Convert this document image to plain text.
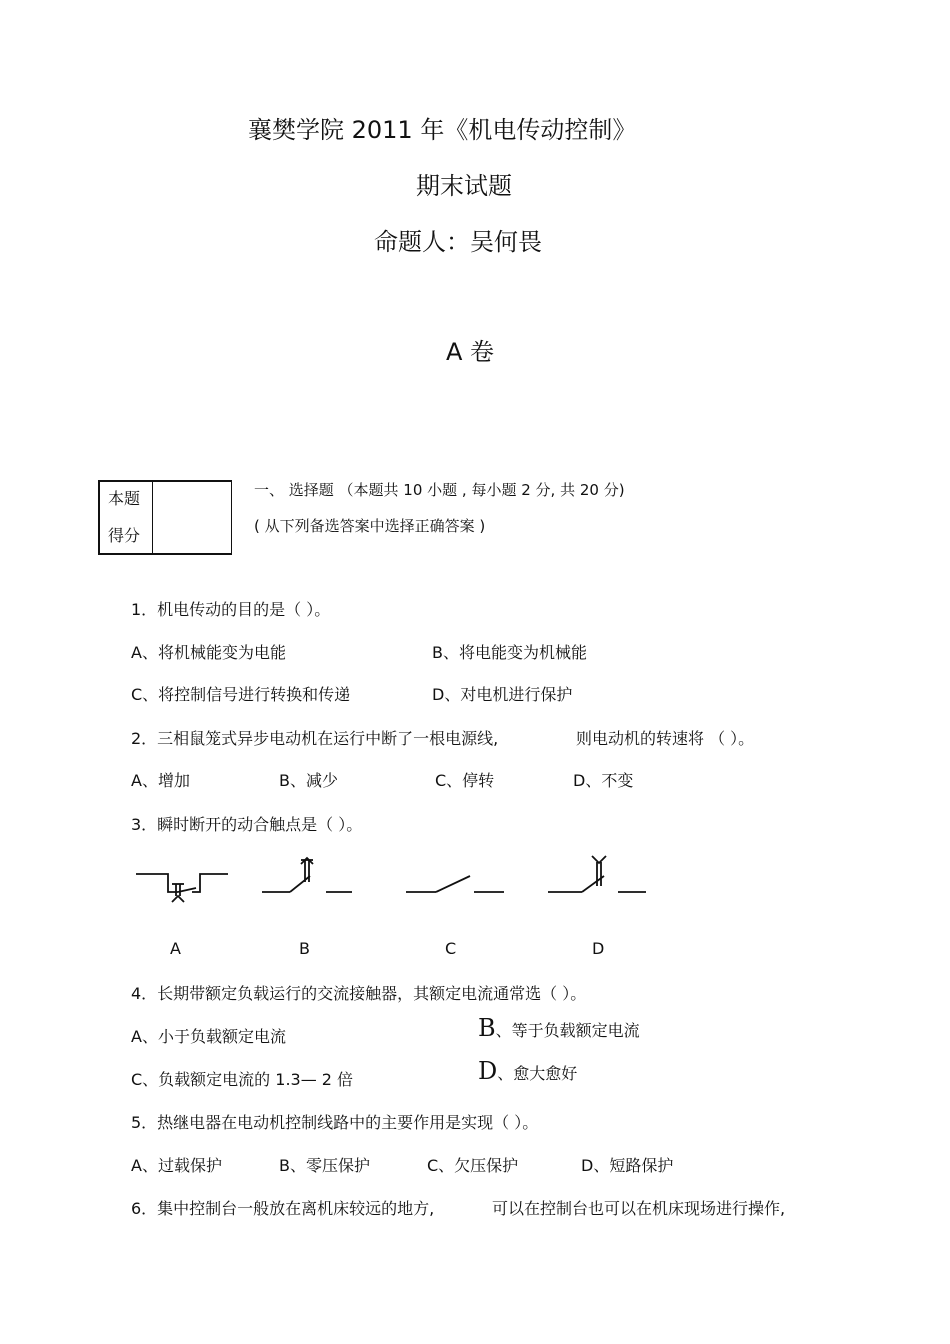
襄樊学院 2011 年《机电传动控制》
期末试题
命题人：吴何畏
A 卷
本题
得分
一、 选择题 （本题共 10 小题 , 每小题 2 分, 共 20 分)
( 从下列备选答案中选择正确答案 )
1．机电传动的目的是（ ）。
A、将机械能变为电能	B、将电能变为机械能
C、将控制信号进行转换和传递	D、对电机进行保护
2．三相鼠笼式异步电动机在运行中断了一根电源线,	则电动机的转速将 （ ）。
A、增加	B、减少	C、停转	D、不变
3．瞬时断开的动合触点是（ ）。
A	B	C	D
4．长期带额定负载运行的交流接触器，其额定电流通常选（ ）。
A、小于负载额定电流	B、等于负载额定电流
C、负载额定电流的 1.3— 2 倍	D、愈大愈好
5．热继电器在电动机控制线路中的主要作用是实现（ ）。
A、过载保护	B、零压保护	C、欠压保护	D、短路保护
6．集中控制台一般放在离机床较远的地方,	可以在控制台也可以在机床现场进行操作,
